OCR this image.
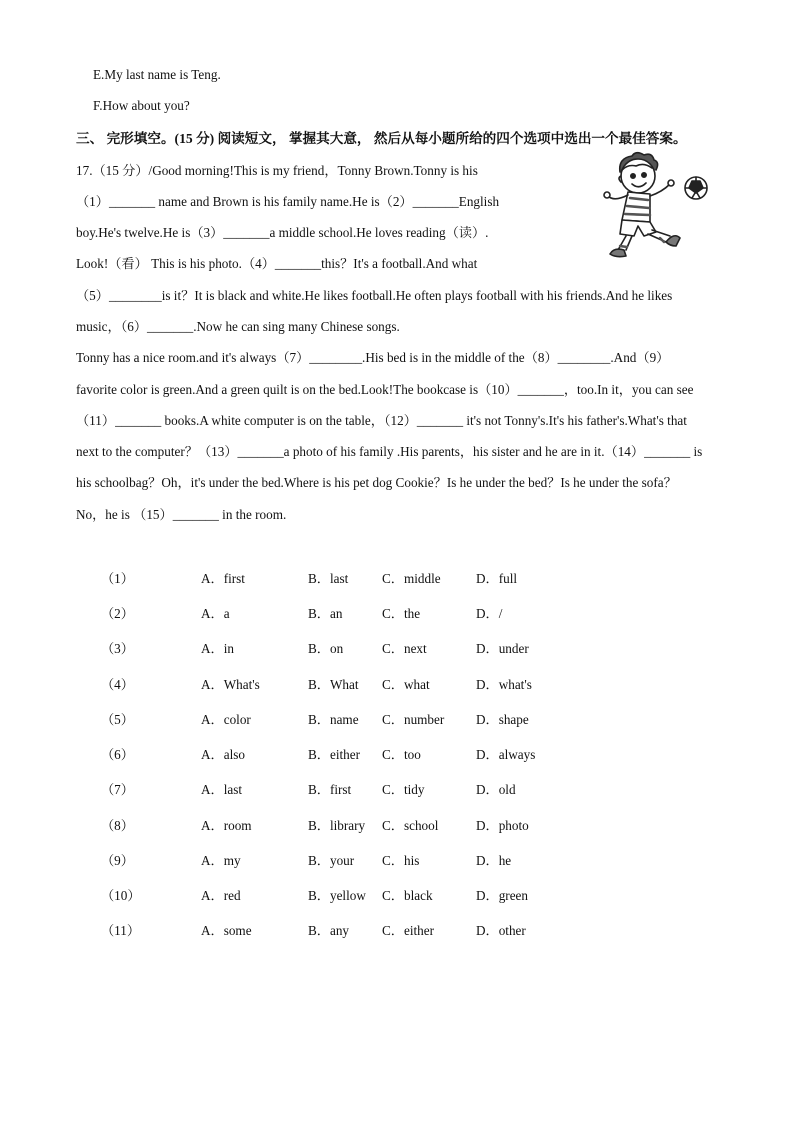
E.My last name is Teng.
F.How about you?
三、 完形填空。(15 分) 阅读短文， 掌握其大意， 然后从每小题所给的四个选项中选出一个最佳答案。
17.（15 分）/Good morning!This is my friend，Tonny Brown.Tonny is his
（1）_______ name and Brown is his family name.He is（2）_______English
boy.He's twelve.He is（3）_______a middle school.He loves reading（读）.
Look!（看） This is his photo.（4）_______this？It's a football.And what
（5）________is it？It is black and white.He likes football.He often plays football with his friends.And he likes
music，（6）_______.Now he can sing many Chinese songs.
Tonny has a nice room.and it's always（7）________.His bed is in the middle of the（8）________.And（9）
favorite color is green.And a green quilt is on the bed.Look!The bookcase is（10）_______，too.In it，you can see
（11）_______ books.A white computer is on the table，（12）_______ it's not Tonny's.It's his father's.What's that
next to the computer？（13）_______a photo of his family .His parents，his sister and he are in it.（14）_______ is
his schoolbag？Oh，it's under the bed.Where is his pet dog Cookie？Is he under the bed？Is he under the sofa？
No，he is （15）_______ in the room.
（1）	A．first	B．last	C．middle	D．full
（2）	A．a	B．an	C．the	D．/
（3）	A．in	B．on	C．next	D．under
（4）	A．What's	B．What C．what	D．what's
（5）	A．color	B．name C．number D．shape
（6）	A．also	B．either C．too	D．always
（7）	A．last	B．first C．tidy	D．old
（8）	A．room	B．library C．school	D．photo
（9）	A．my	B．your C．his	D．he
（10）	A．red	B．yellow C．black	D．green
（11）	A．some	B．any C．either	D．other
